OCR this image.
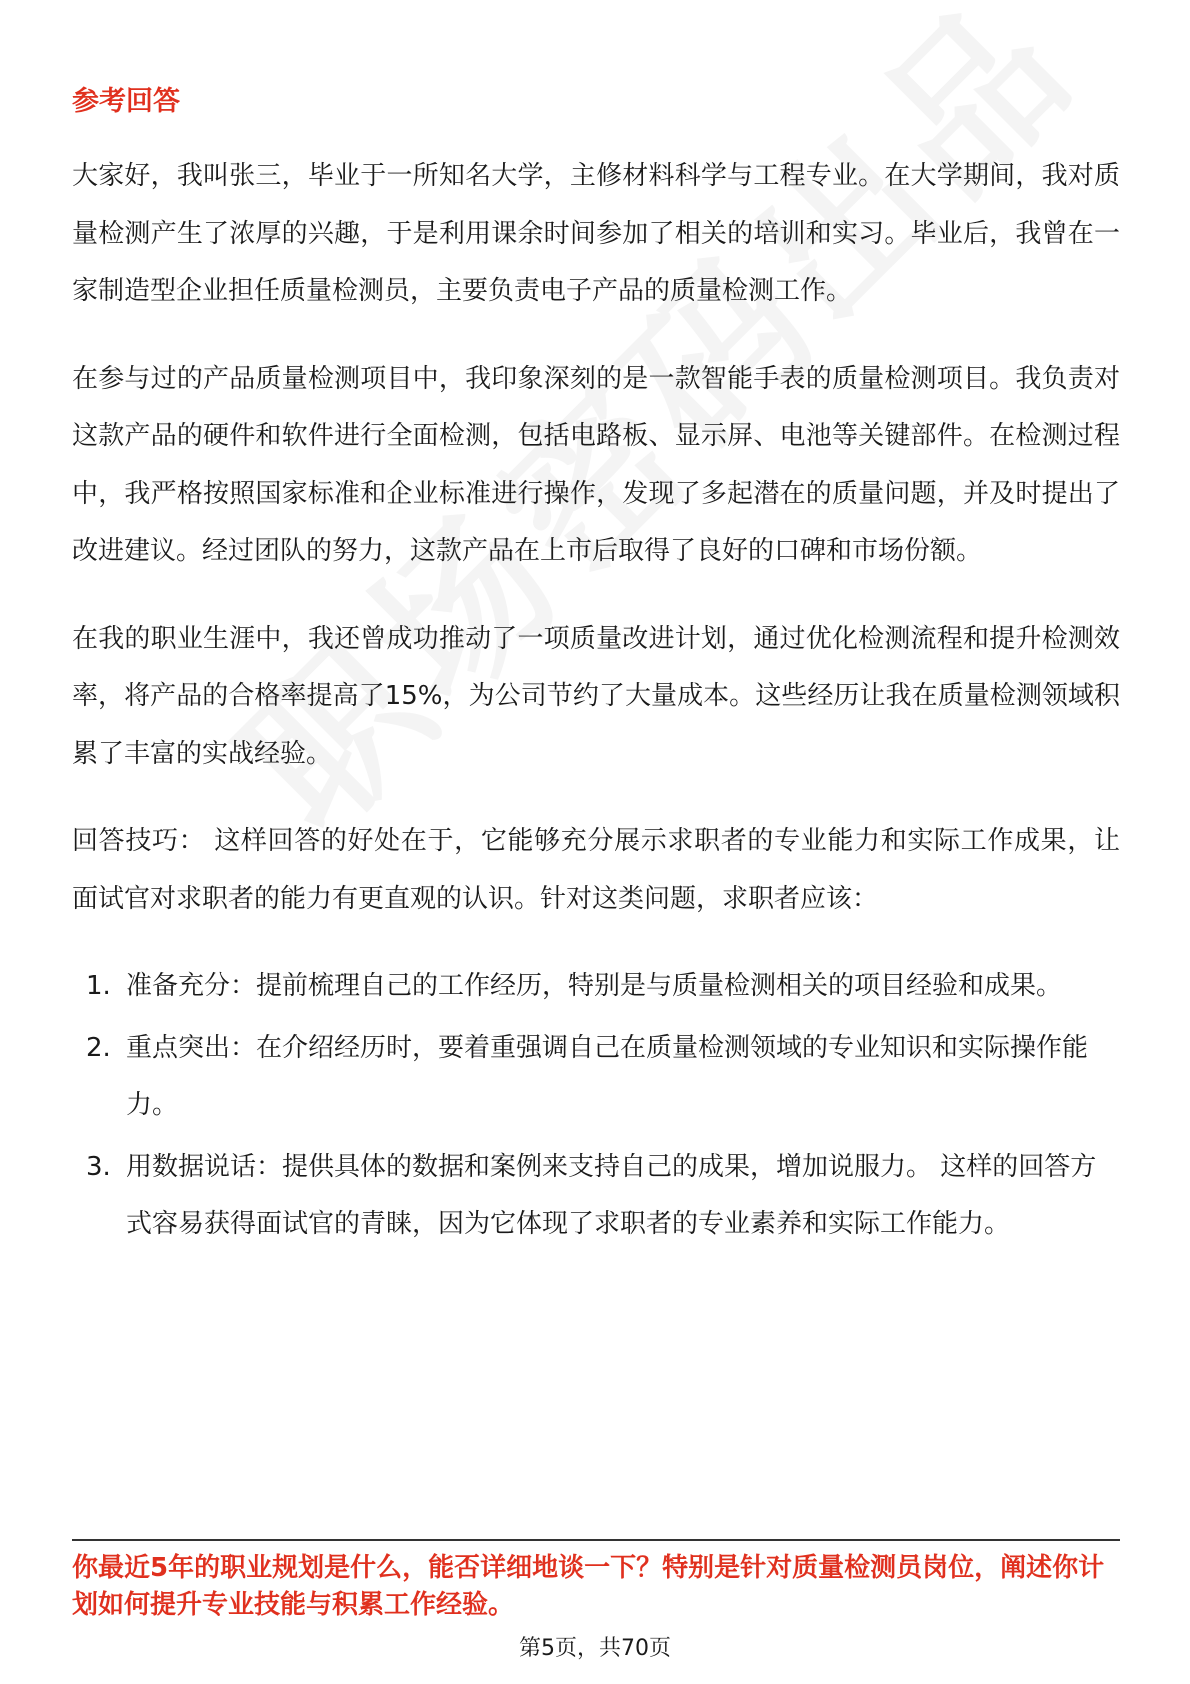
参考回答

大家好，我叫张三，毕业于一所知名大学，主修材料科学与工程专业。在大学期间，我对质量检测产生了浓厚的兴趣，于是利用课余时间参加了相关的培训和实习。毕业后，我曾在一家制造型企业担任质量检测员，主要负责电子产品的质量检测工作。

在参与过的产品质量检测项目中，我印象深刻的是一款智能手表的质量检测项目。我负责对这款产品的硬件和软件进行全面检测，包括电路板、显示屏、电池等关键部件。在检测过程中，我严格按照国家标准和企业标准进行操作，发现了多起潜在的质量问题，并及时提出了改进建议。经过团队的努力，这款产品在上市后取得了良好的口碑和市场份额。

在我的职业生涯中，我还曾成功推动了一项质量改进计划，通过优化检测流程和提升检测效率，将产品的合格率提高了15%，为公司节约了大量成本。这些经历让我在质量检测领域积累了丰富的实战经验。

回答技巧： 这样回答的好处在于，它能够充分展示求职者的专业能力和实际工作成果，让面试官对求职者的能力有更直观的认识。针对这类问题，求职者应该：

1. 准备充分：提前梳理自己的工作经历，特别是与质量检测相关的项目经验和成果。
2. 重点突出：在介绍经历时，要着重强调自己在质量检测领域的专业知识和实际操作能力。
3. 用数据说话：提供具体的数据和案例来支持自己的成果，增加说服力。 这样的回答方式容易获得面试官的青睐，因为它体现了求职者的专业素养和实际工作能力。
你最近5年的职业规划是什么，能否详细地谈一下？特别是针对质量检测员岗位，阐述你计划如何提升专业技能与积累工作经验。
第5页，共70页
